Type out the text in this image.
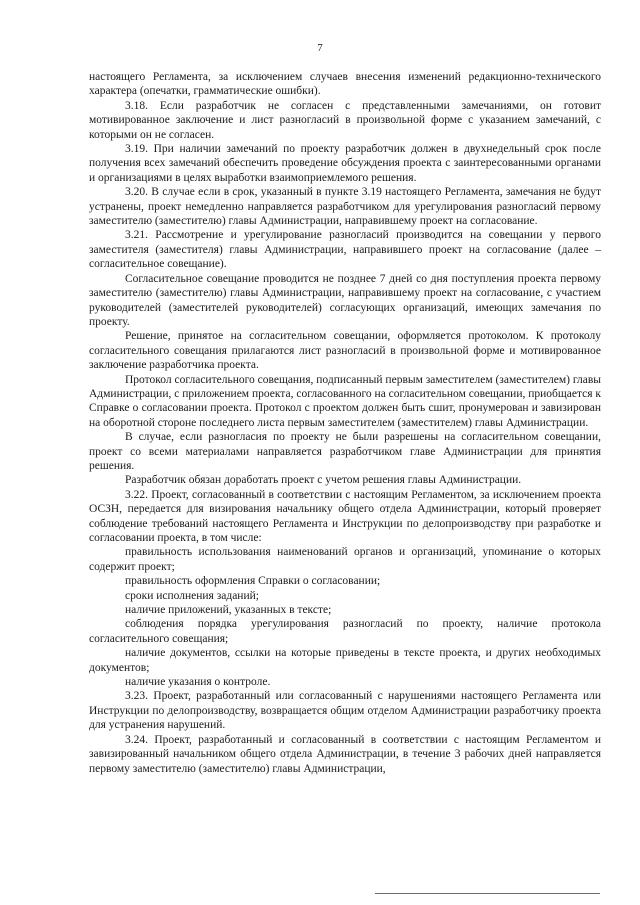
7

настоящего Регламента, за исключением случаев внесения изменений редакционно-технического характера (опечатки, грамматические ошибки).

3.18. Если разработчик не согласен с представленными замечаниями, он готовит мотивированное заключение и лист разногласий в произвольной форме с указанием замечаний, с которыми он не согласен.

3.19. При наличии замечаний по проекту разработчик должен в двухнедельный срок после получения всех замечаний обеспечить проведение обсуждения проекта с заинтересованными органами и организациями в целях выработки взаимоприемлемого решения.

3.20. В случае если в срок, указанный в пункте 3.19 настоящего Регламента, замечания не будут устранены, проект немедленно направляется разработчиком для урегулирования разногласий первому заместителю (заместителю) главы Администрации, направившему проект на согласование.

3.21. Рассмотрение и урегулирование разногласий производится на совещании у первого заместителя (заместителя) главы Администрации, направившего проект на согласование (далее – согласительное совещание).

Согласительное совещание проводится не позднее 7 дней со дня поступления проекта первому заместителю (заместителю) главы Администрации, направившему проект на согласование, с участием руководителей (заместителей руководителей) согласующих организаций, имеющих замечания по проекту.

Решение, принятое на согласительном совещании, оформляется протоколом. К протоколу согласительного совещания прилагаются лист разногласий в произвольной форме и мотивированное заключение разработчика проекта.

Протокол согласительного совещания, подписанный первым заместителем (заместителем) главы Администрации, с приложением проекта, согласованного на согласительном совещании, приобщается к Справке о согласовании проекта. Протокол с проектом должен быть сшит, пронумерован и завизирован на оборотной стороне последнего листа первым заместителем (заместителем) главы Администрации.

В случае, если разногласия по проекту не были разрешены на согласительном совещании, проект со всеми материалами направляется разработчиком главе Администрации для принятия решения.

Разработчик обязан доработать проект с учетом решения главы Администрации.

3.22. Проект, согласованный в соответствии с настоящим Регламентом, за исключением проекта ОСЗН, передается для визирования начальнику общего отдела Администрации, который проверяет соблюдение требований настоящего Регламента и Инструкции по делопроизводству при разработке и согласовании проекта, в том числе:

правильность использования наименований органов и организаций, упоминание о которых содержит проект;

правильность оформления Справки о согласовании;

сроки исполнения заданий;

наличие приложений, указанных в тексте;

соблюдения порядка урегулирования разногласий по проекту, наличие протокола согласительного совещания;

наличие документов, ссылки на которые приведены в тексте проекта, и других необходимых документов;

наличие указания о контроле.

3.23. Проект, разработанный или согласованный с нарушениями настоящего Регламента или Инструкции по делопроизводству, возвращается общим отделом Администрации разработчику проекта для устранения нарушений.

3.24. Проект, разработанный и согласованный в соответствии с настоящим Регламентом и завизированный начальником общего отдела Администрации, в течение 3 рабочих дней направляется первому заместителю (заместителю) главы Администрации,
